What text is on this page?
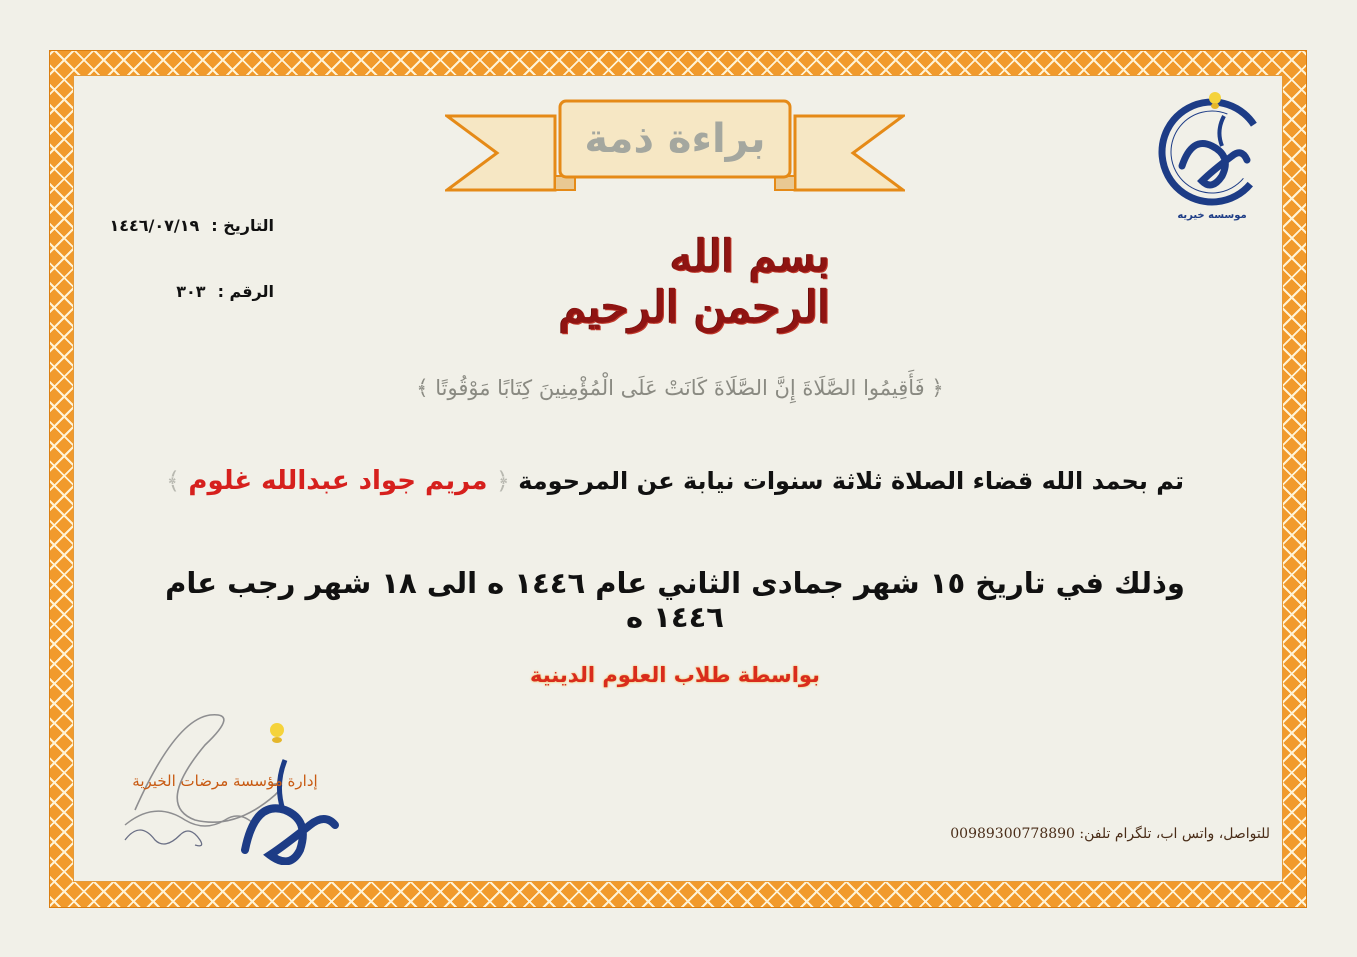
براءة ذمة
بسم الله الرحمن الرحيم
﴿ فَأَقِيمُوا الصَّلَاةَ إِنَّ الصَّلَاةَ كَانَتْ عَلَى الْمُؤْمِنِينَ كِتَابًا مَوْقُوتًا ﴾
تم بحمد الله قضاء الصلاة ثلاثة سنوات نيابة عن المرحومة ﴿ مريم جواد عبدالله غلوم ﴾
وذلك في تاريخ ١٥ شهر جمادى الثاني عام ١٤٤٦ ه الى ١٨ شهر رجب عام ١٤٤٦ ه
بواسطة طلاب العلوم الدينية
التاريخ :
١٤٤٦/٠٧/١٩
الرقم :
٣٠٣
موسسه خيريه
إدارة مؤسسة مرضات الخيرية
للتواصل، واتس اب، تلگرام تلفن: 00989300778890
